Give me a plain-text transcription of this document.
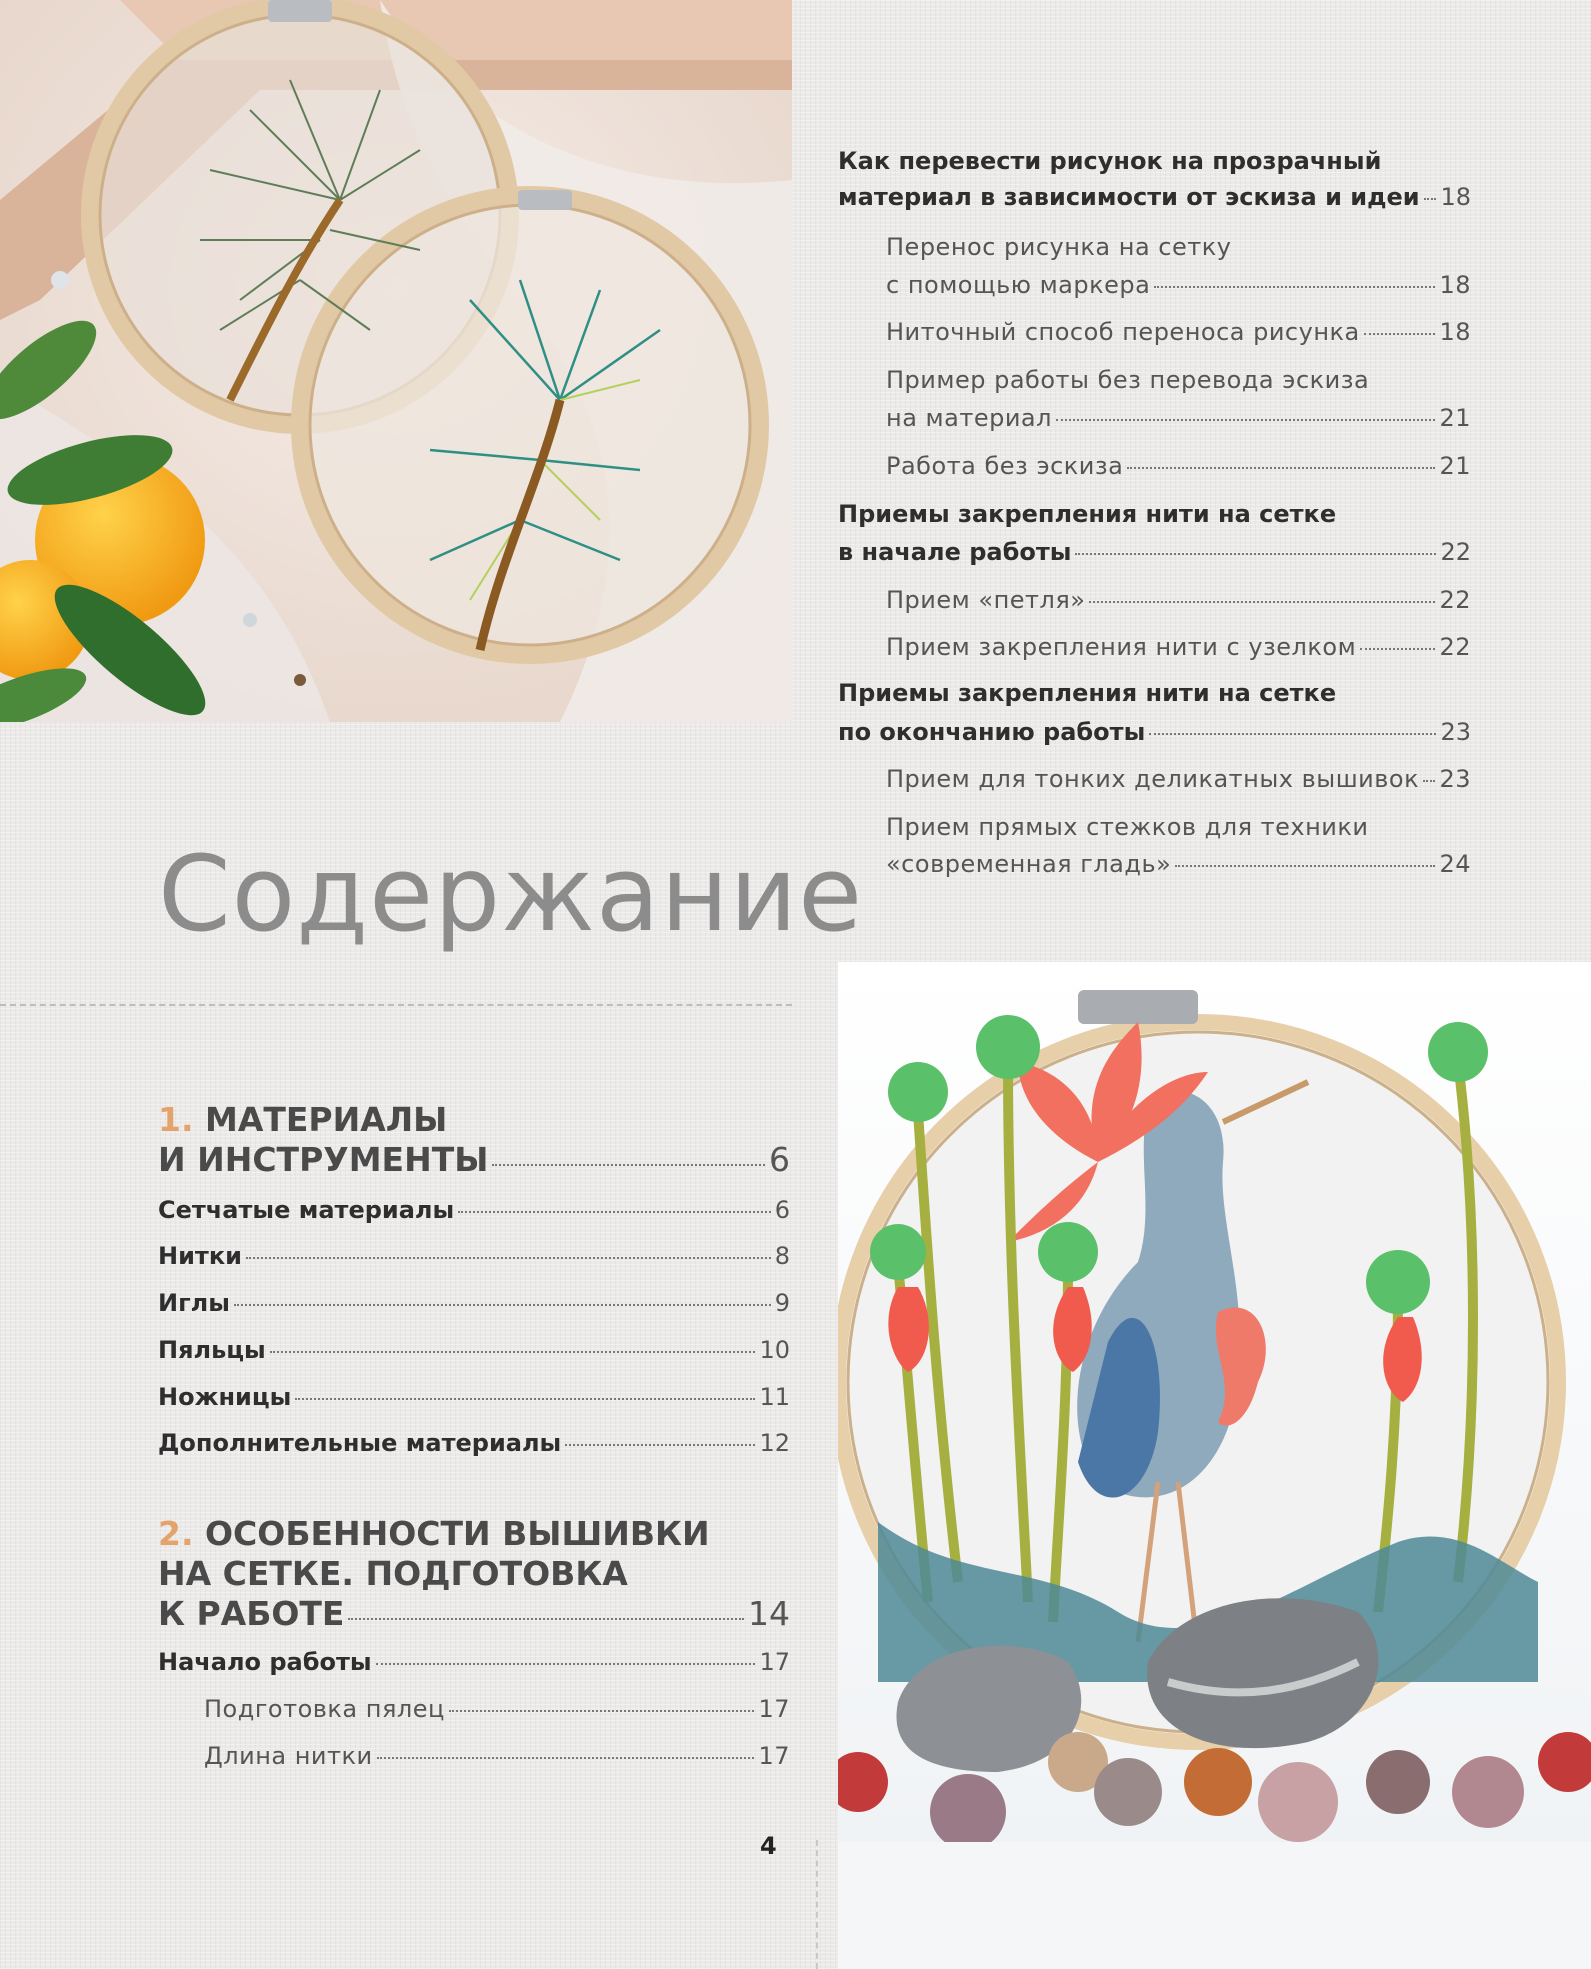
Как перевести рисунок на прозрачный
материал в зависимости от эскиза и идеи 18
Перенос рисунка на сетку
с помощью маркера	18
Ниточный способ переноса рисунка	18
Пример работы без перевода эскиза
на материал	21
Работа без эскиза	21
Приемы закрепления нити на сетке
в начале работы	22
Прием «петля»	22
Прием закрепления нити с узелком	22
Приемы закрепления нити на сетке
по окончанию работы	23
Прием для тонких деликатных вышивок 23
Прием прямых стежков для техники
«современная гладь»	24
Содержание
1. МАТЕРИАЛЫ
И ИНСТРУМЕНТЫ	6
Сетчатые материалы	6
Нитки	8
Иглы	9
Пяльцы	10
Ножницы	11
Дополнительные материалы	12
2. ОСОБЕННОСТИ ВЫШИВКИ
НА СЕТКЕ. ПОДГОТОВКА
К РАБОТЕ	14
Начало работы	17
Подготовка пялец	17
Длина нитки	17
4
